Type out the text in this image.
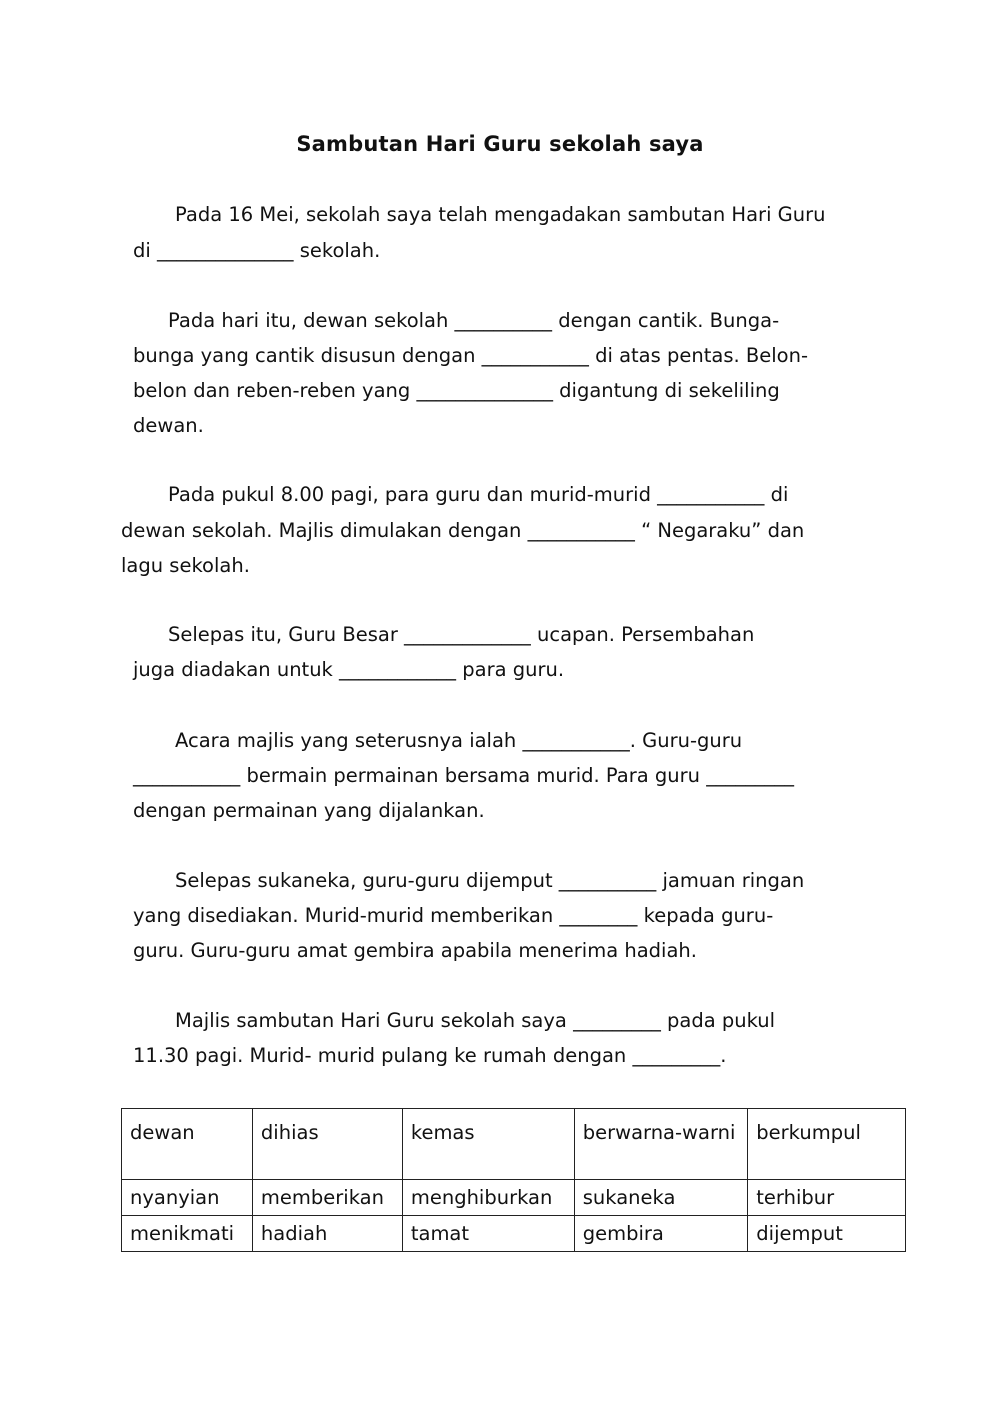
Sambutan Hari Guru sekolah saya
Pada 16 Mei, sekolah saya telah mengadakan sambutan Hari Guru
di ______________ sekolah.
Pada hari itu, dewan sekolah __________ dengan cantik. Bunga-
bunga yang cantik disusun dengan ___________ di atas pentas. Belon-
belon dan reben-reben yang ______________ digantung di sekeliling
dewan.
Pada pukul 8.00 pagi, para guru dan murid-murid ___________ di
dewan sekolah. Majlis dimulakan dengan ___________ “ Negaraku” dan
lagu sekolah.
Selepas itu, Guru Besar _____________ ucapan. Persembahan
juga diadakan untuk ____________ para guru.
Acara majlis yang seterusnya ialah ___________. Guru-guru
___________ bermain permainan bersama murid. Para guru _________
dengan permainan yang dijalankan.
Selepas sukaneka, guru-guru dijemput __________ jamuan ringan
yang disediakan. Murid-murid memberikan ________ kepada guru-
guru. Guru-guru amat gembira apabila menerima hadiah.
Majlis sambutan Hari Guru sekolah saya _________ pada pukul
11.30 pagi. Murid- murid pulang ke rumah dengan _________.
dewan	dihias	kemas	berwarna-warni	berkumpul
nyanyian	memberikan	menghiburkan	sukaneka	terhibur
menikmati	hadiah	tamat	gembira	dijemput
